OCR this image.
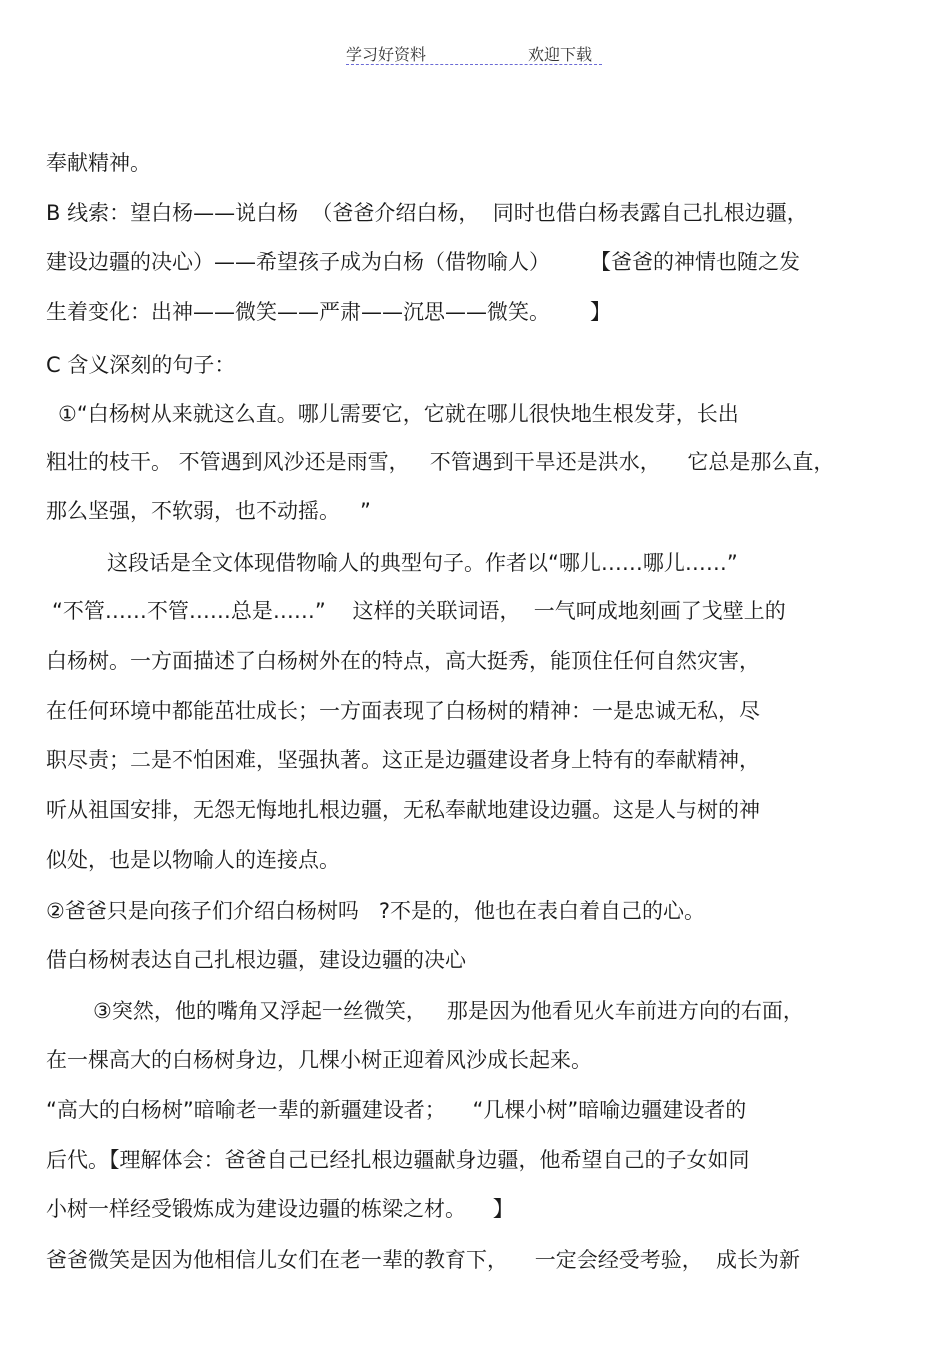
学习好资料	欢迎下载
奉献精神。
B 线索：望白杨——说白杨  （爸爸介绍白杨，  同时也借白杨表露自己扎根边疆，
建设边疆的决心）——希望孩子成为白杨（借物喻人）      【爸爸的神情也随之发
生着变化：出神——微笑——严肃——沉思——微笑。      】
C 含义深刻的句子：
①“白杨树从来就这么直。哪儿需要它，它就在哪儿很快地生根发芽，长出
粗壮的枝干。 不管遇到风沙还是雨雪，   不管遇到干旱还是洪水，    它总是那么直，
那么坚强，不软弱，也不动摇。   ”
这段话是全文体现借物喻人的典型句子。作者以“哪儿……哪儿……”
“不管……不管……总是……”    这样的关联词语，  一气呵成地刻画了戈壁上的
白杨树。一方面描述了白杨树外在的特点，高大挺秀，能顶住任何自然灾害，
在任何环境中都能茁壮成长；一方面表现了白杨树的精神：一是忠诚无私，尽
职尽责；二是不怕困难，坚强执著。这正是边疆建设者身上特有的奉献精神，
听从祖国安排，无怨无悔地扎根边疆，无私奉献地建设边疆。这是人与树的神
似处，也是以物喻人的连接点。
②爸爸只是向孩子们介绍白杨树吗   ?不是的，他也在表白着自己的心。
借白杨树表达自己扎根边疆，建设边疆的决心
③突然，他的嘴角又浮起一丝微笑，   那是因为他看见火车前进方向的右面，
在一棵高大的白杨树身边，几棵小树正迎着风沙成长起来。
“高大的白杨树”暗喻老一辈的新疆建设者；    “几棵小树”暗喻边疆建设者的
后代。【理解体会：爸爸自己已经扎根边疆献身边疆，他希望自己的子女如同
小树一样经受锻炼成为建设边疆的栋梁之材。    】
爸爸微笑是因为他相信儿女们在老一辈的教育下，    一定会经受考验，  成长为新
